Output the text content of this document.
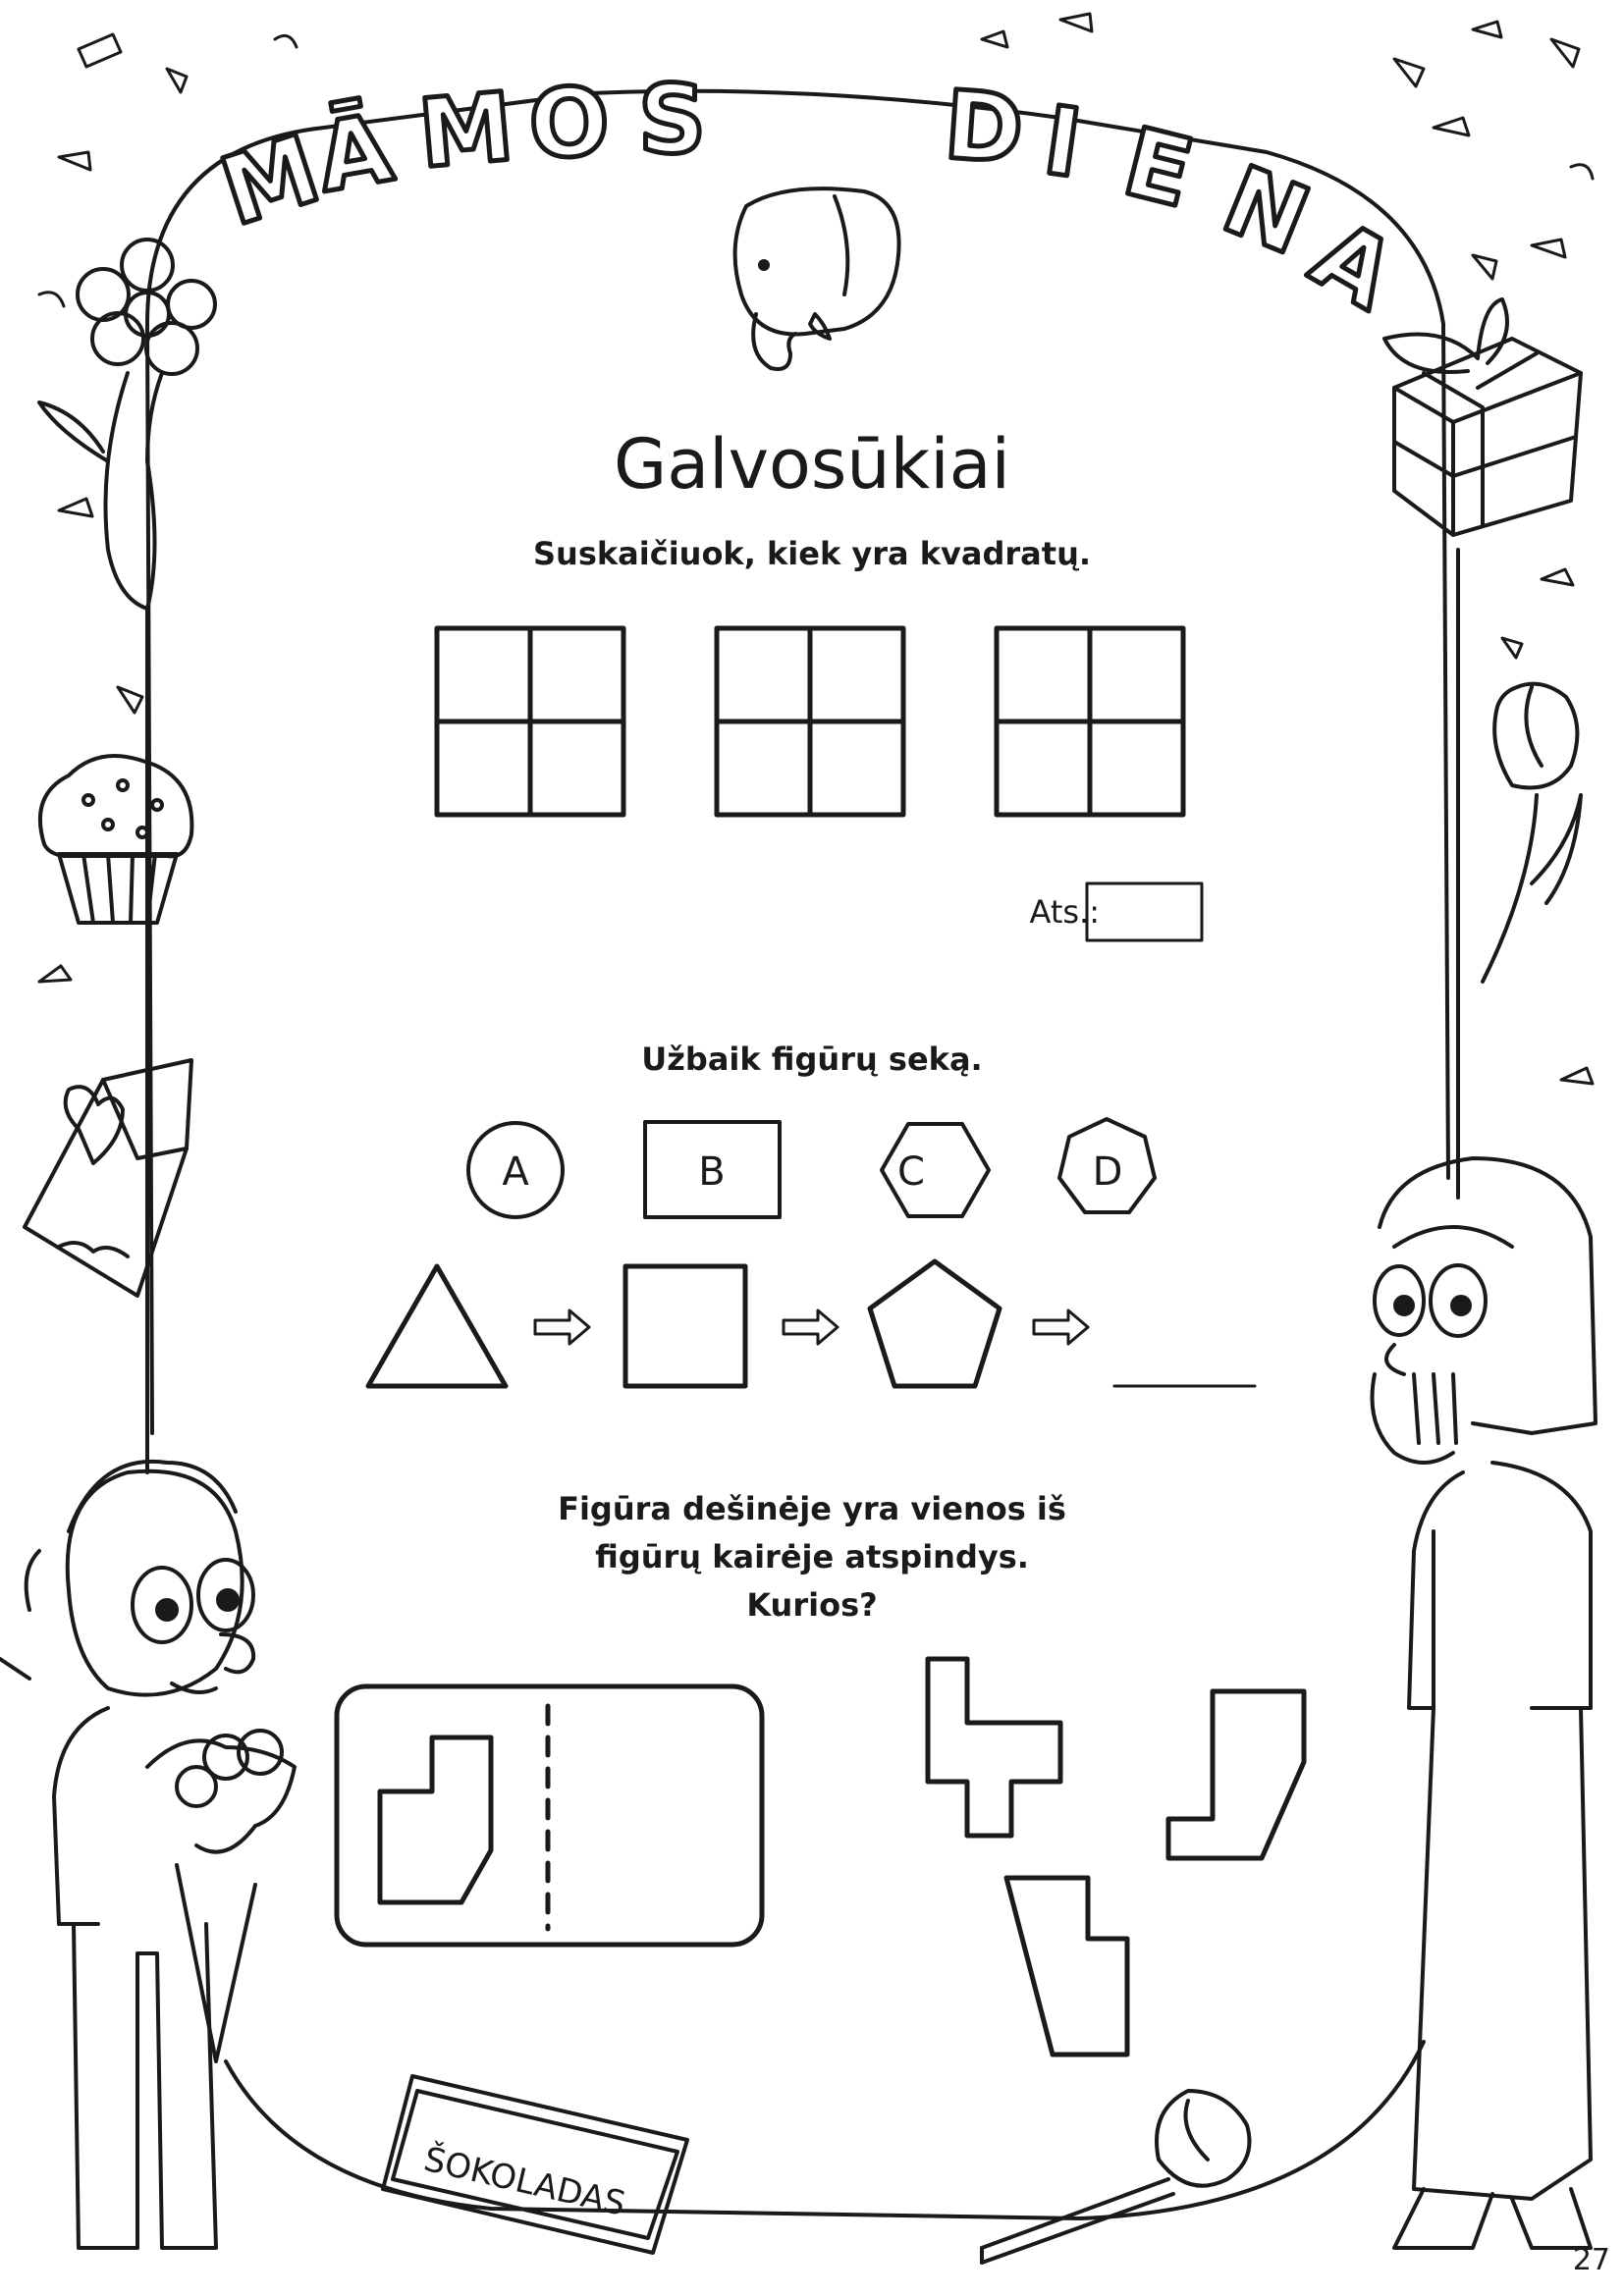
M
Ā M O S D I E N
A
ŠOKOLADAS
A	B	C	D
Galvosūkiai
Suskaičiuok, kiek yra kvadratų.
Ats.:
Užbaik figūrų seką.
Figūra dešinėje yra vienos iš
figūrų kairėje atspindys.
Kurios?
27
